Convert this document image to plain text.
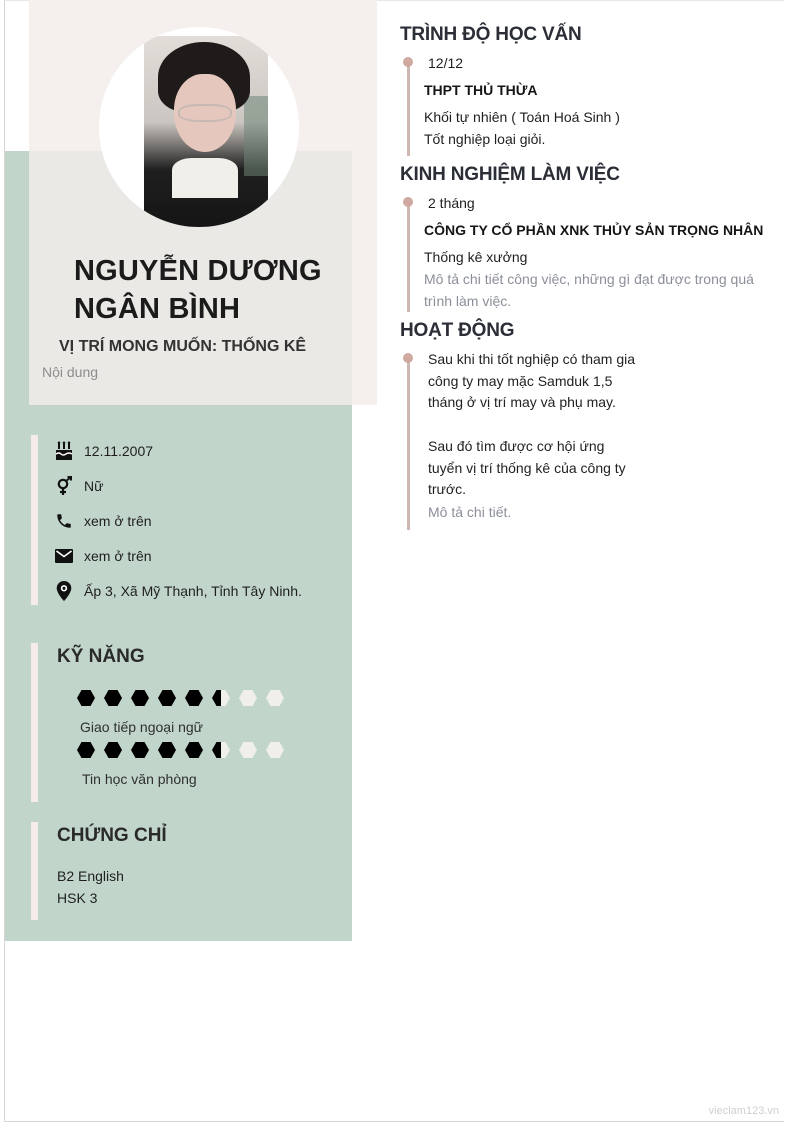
NGUYỄN DƯƠNG NGÂN BÌNH
VỊ TRÍ MONG MUỐN: THỐNG KÊ
Nội dung
12.11.2007
Nữ
xem ở trên
xem ở trên
Ấp 3, Xã Mỹ Thạnh, Tỉnh Tây Ninh.
KỸ NĂNG
Giao tiếp ngoại ngữ
Tin học văn phòng
CHỨNG CHỈ
B2 English
HSK 3
TRÌNH ĐỘ HỌC VẤN
12/12
THPT THỦ THỪA
Khối tự nhiên ( Toán Hoá Sinh )
Tốt nghiệp loại giỏi.
KINH NGHIỆM LÀM VIỆC
2 tháng
CÔNG TY CỔ PHẦN XNK THỦY SẢN TRỌNG NHÂN
Thống kê xưởng
Mô tả chi tiết công việc, những gì đạt được trong quá trình làm việc.
HOẠT ĐỘNG
Sau khi thi tốt nghiệp có tham gia
công ty may mặc Samduk 1,5
tháng ở vị trí may và phụ may.
Sau đó tìm được cơ hội ứng
tuyển vị trí thống kê của công ty
trước.
Mô tả chi tiết.
vieclam123.vn
